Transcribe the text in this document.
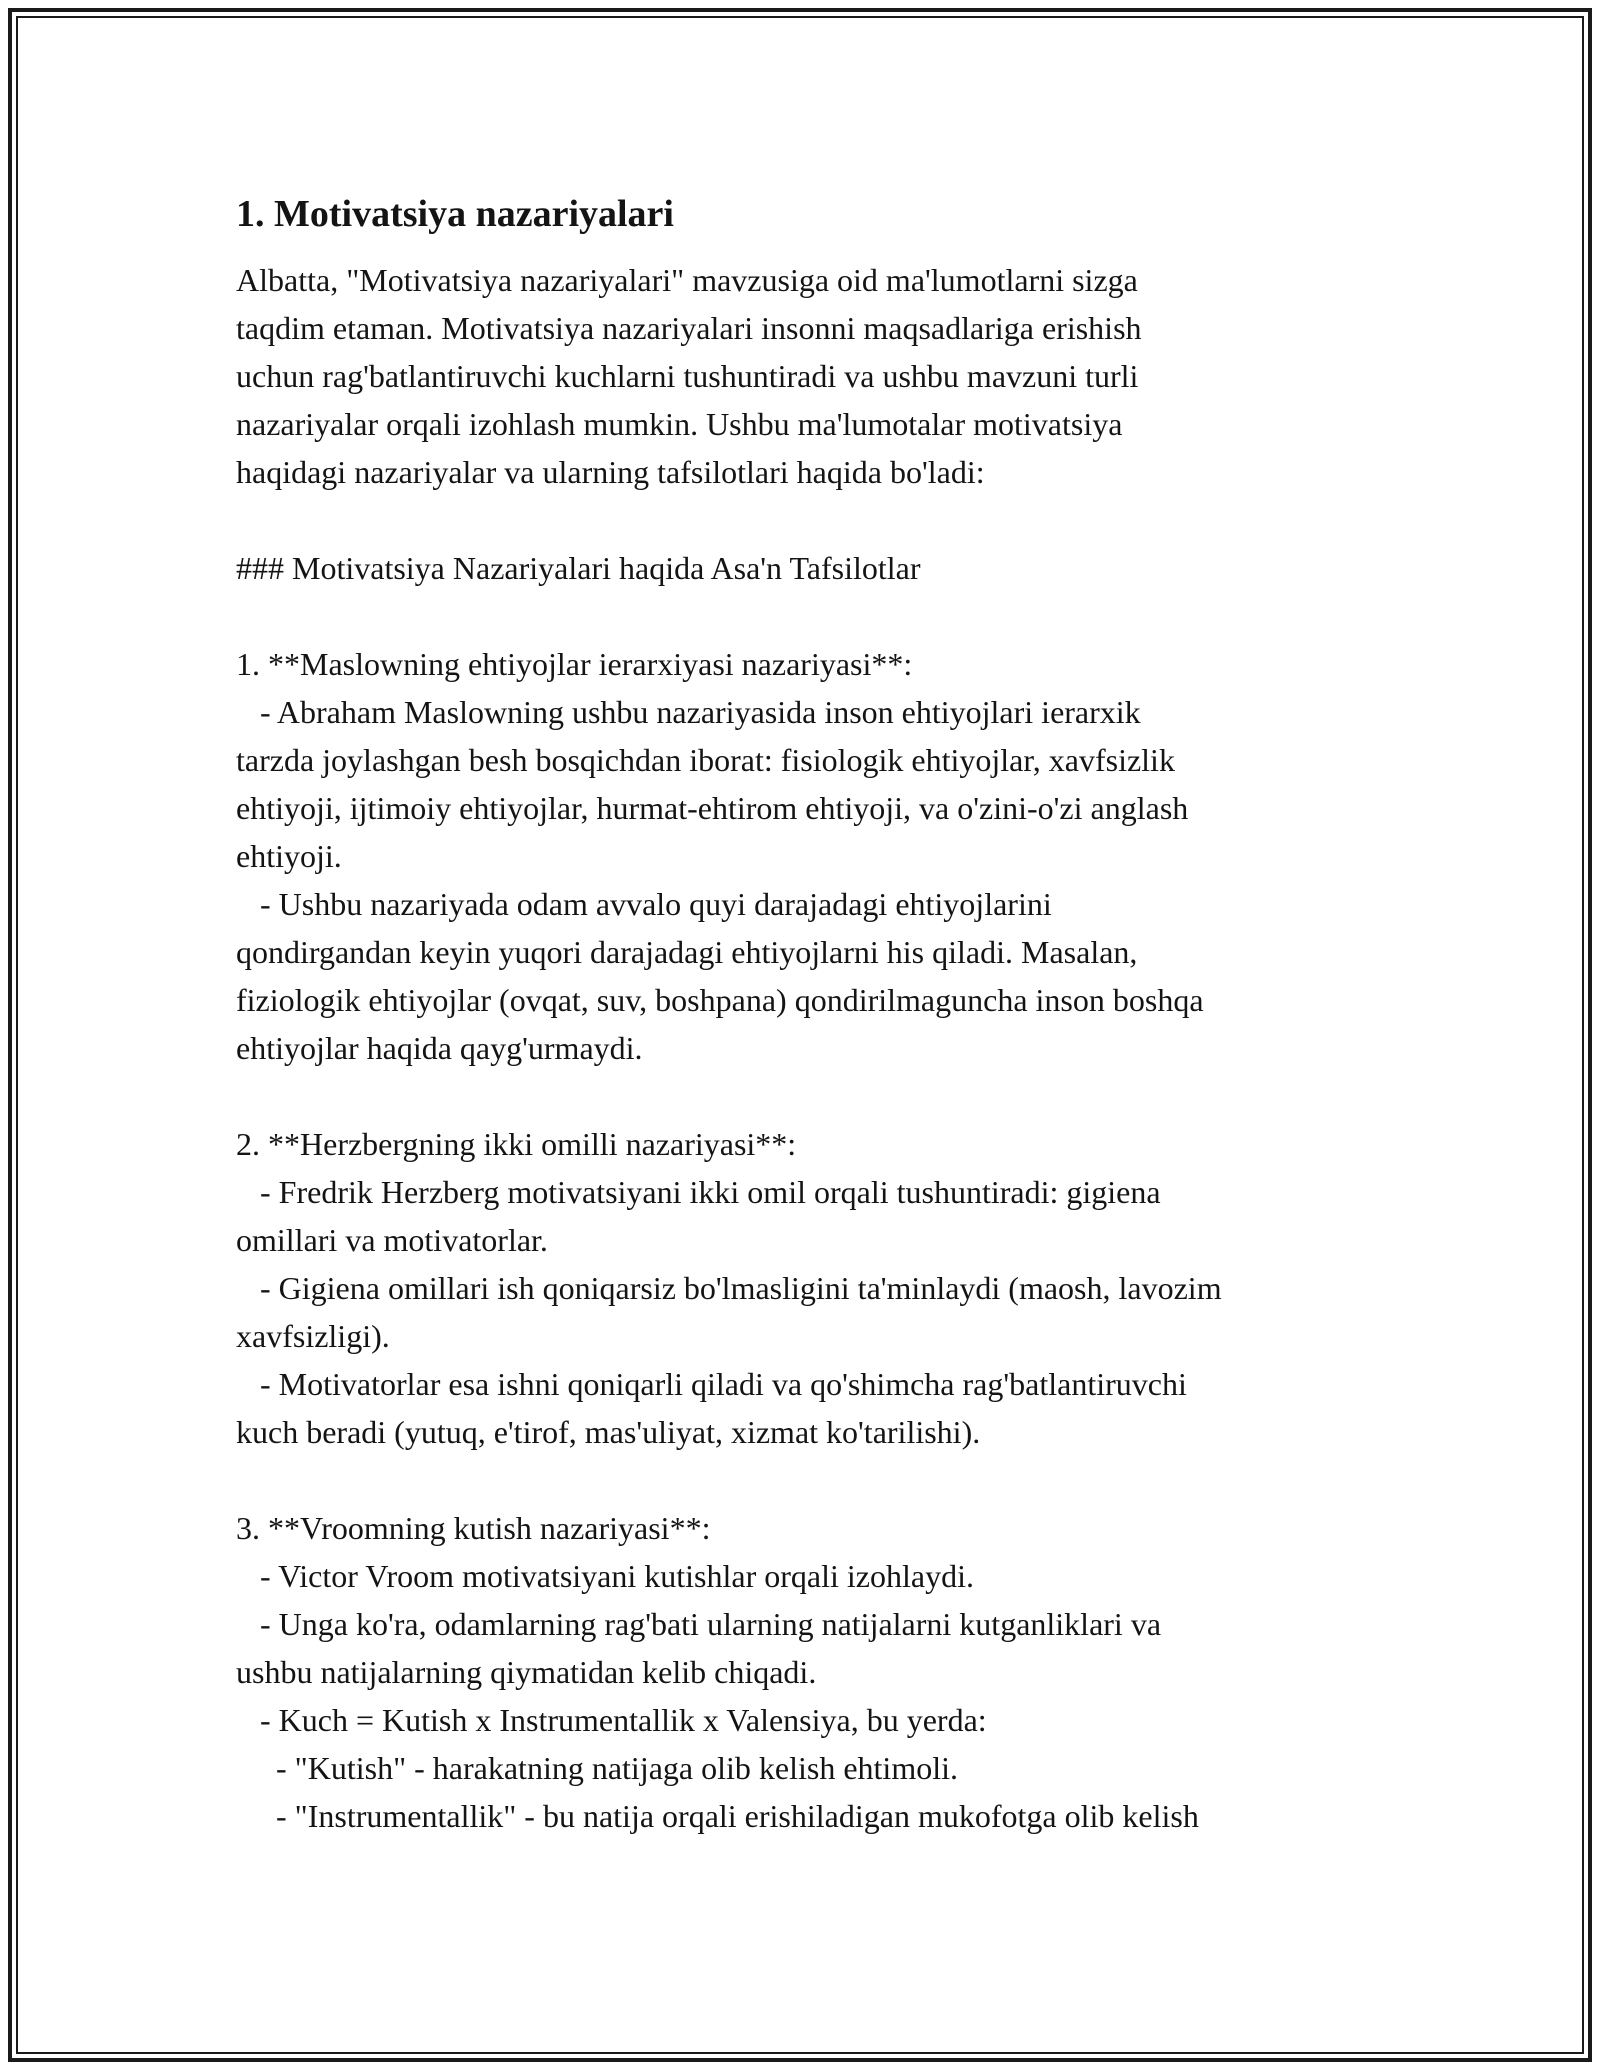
1. Motivatsiya nazariyalari
Albatta, "Motivatsiya nazariyalari" mavzusiga oid ma'lumotlarni sizga
taqdim etaman. Motivatsiya nazariyalari insonni maqsadlariga erishish
uchun rag'batlantiruvchi kuchlarni tushuntiradi va ushbu mavzuni turli
nazariyalar orqali izohlash mumkin. Ushbu ma'lumotalar motivatsiya
haqidagi nazariyalar va ularning tafsilotlari haqida bo'ladi:

### Motivatsiya Nazariyalari haqida Asa'n Tafsilotlar

1. **Maslowning ehtiyojlar ierarxiyasi nazariyasi**:
- Abraham Maslowning ushbu nazariyasida inson ehtiyojlari ierarxik
tarzda joylashgan besh bosqichdan iborat: fisiologik ehtiyojlar, xavfsizlik
ehtiyoji, ijtimoiy ehtiyojlar, hurmat-ehtirom ehtiyoji, va o'zini-o'zi anglash
ehtiyoji.
- Ushbu nazariyada odam avvalo quyi darajadagi ehtiyojlarini
qondirgandan keyin yuqori darajadagi ehtiyojlarni his qiladi. Masalan,
fiziologik ehtiyojlar (ovqat, suv, boshpana) qondirilmaguncha inson boshqa
ehtiyojlar haqida qayg'urmaydi.

2. **Herzbergning ikki omilli nazariyasi**:
- Fredrik Herzberg motivatsiyani ikki omil orqali tushuntiradi: gigiena
omillari va motivatorlar.
- Gigiena omillari ish qoniqarsiz bo'lmasligini ta'minlaydi (maosh, lavozim
xavfsizligi).
- Motivatorlar esa ishni qoniqarli qiladi va qo'shimcha rag'batlantiruvchi
kuch beradi (yutuq, e'tirof, mas'uliyat, xizmat ko'tarilishi).

3. **Vroomning kutish nazariyasi**:
- Victor Vroom motivatsiyani kutishlar orqali izohlaydi.
- Unga ko'ra, odamlarning rag'bati ularning natijalarni kutganliklari va
ushbu natijalarning qiymatidan kelib chiqadi.
- Kuch = Kutish x Instrumentallik x Valensiya, bu yerda:
- "Kutish" - harakatning natijaga olib kelish ehtimoli.
- "Instrumentallik" - bu natija orqali erishiladigan mukofotga olib kelish
